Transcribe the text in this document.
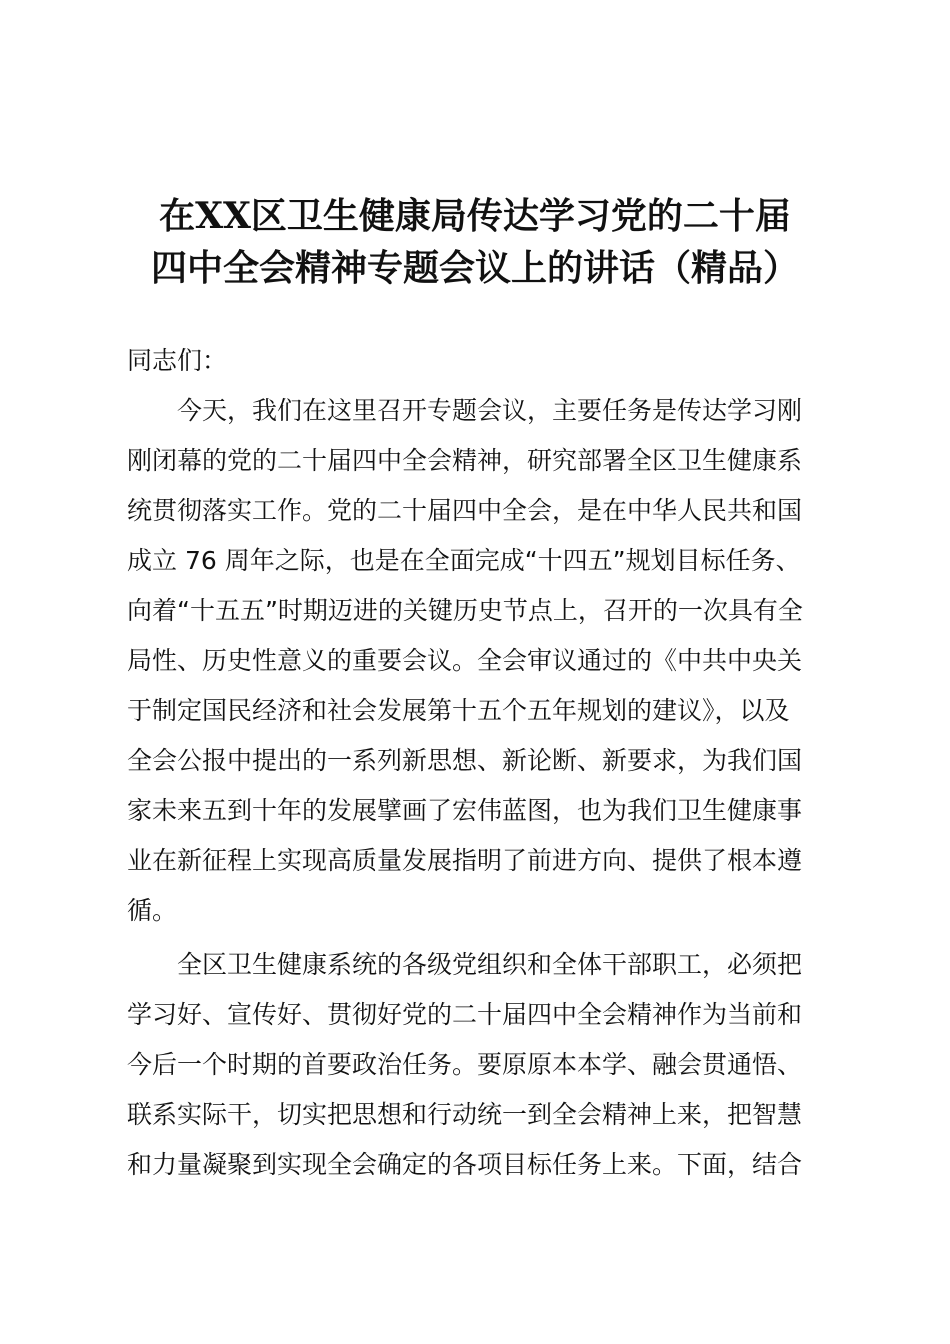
在XX区卫生健康局传达学习党的二十届
四中全会精神专题会议上的讲话（精品）
同志们：
今天，我们在这里召开专题会议，主要任务是传达学习刚
刚闭幕的党的二十届四中全会精神，研究部署全区卫生健康系
统贯彻落实工作。党的二十届四中全会，是在中华人民共和国
成立 76 周年之际，也是在全面完成“十四五”规划目标任务、
向着“十五五”时期迈进的关键历史节点上，召开的一次具有全
局性、历史性意义的重要会议。全会审议通过的《中共中央关
于制定国民经济和社会发展第十五个五年规划的建议》，以及
全会公报中提出的一系列新思想、新论断、新要求，为我们国
家未来五到十年的发展擘画了宏伟蓝图，也为我们卫生健康事
业在新征程上实现高质量发展指明了前进方向、提供了根本遵
循。
全区卫生健康系统的各级党组织和全体干部职工，必须把
学习好、宣传好、贯彻好党的二十届四中全会精神作为当前和
今后一个时期的首要政治任务。要原原本本学、融会贯通悟、
联系实际干，切实把思想和行动统一到全会精神上来，把智慧
和力量凝聚到实现全会确定的各项目标任务上来。下面，结合
